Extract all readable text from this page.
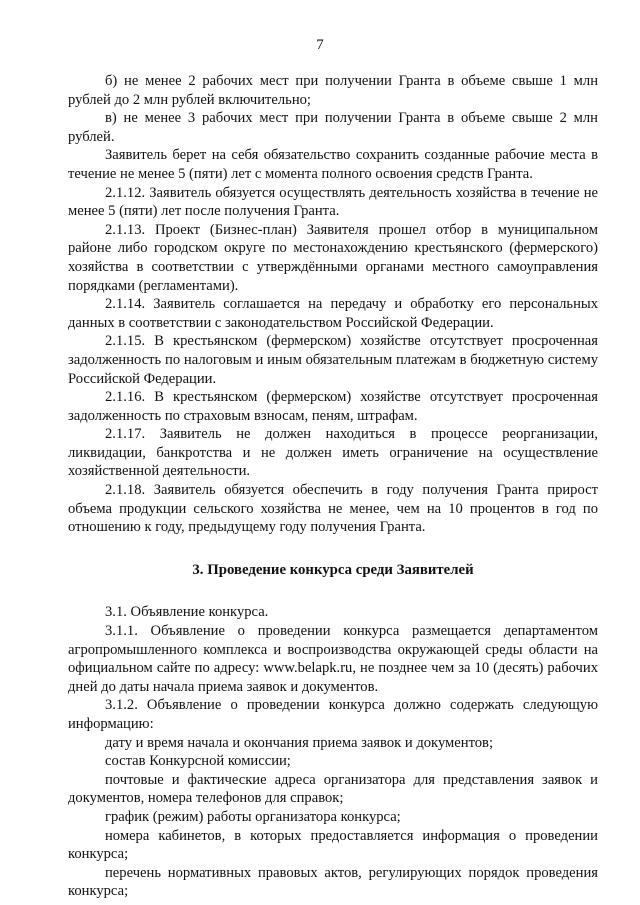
7

б) не менее 2 рабочих мест при получении Гранта в объеме свыше 1 млн рублей до 2 млн рублей включительно;

в) не менее 3 рабочих мест при получении Гранта в объеме свыше 2 млн рублей.

Заявитель берет на себя обязательство сохранить созданные рабочие места в течение не менее 5 (пяти) лет с момента полного освоения средств Гранта.

2.1.12. Заявитель обязуется осуществлять деятельность хозяйства в течение не менее 5 (пяти) лет после получения Гранта.

2.1.13. Проект (Бизнес-план) Заявителя прошел отбор в муниципальном районе либо городском округе по местонахождению крестьянского (фермерского) хозяйства в соответствии с утверждёнными органами местного самоуправления порядками (регламентами).

2.1.14. Заявитель соглашается на передачу и обработку его персональных данных в соответствии с законодательством Российской Федерации.

2.1.15. В крестьянском (фермерском) хозяйстве отсутствует просроченная задолженность по налоговым и иным обязательным платежам в бюджетную систему Российской Федерации.

2.1.16. В крестьянском (фермерском) хозяйстве отсутствует просроченная задолженность по страховым взносам, пеням, штрафам.

2.1.17. Заявитель не должен находиться в процессе реорганизации, ликвидации, банкротства и не должен иметь ограничение на осуществление хозяйственной деятельности.

2.1.18. Заявитель обязуется обеспечить в году получения Гранта прирост объема продукции сельского хозяйства не менее, чем на 10 процентов в год по отношению к году, предыдущему году получения Гранта.

3. Проведение конкурса среди Заявителей

3.1. Объявление конкурса.

3.1.1. Объявление о проведении конкурса размещается департаментом агропромышленного комплекса и воспроизводства окружающей среды области на официальном сайте по адресу: www.belapk.ru, не позднее чем за 10 (десять) рабочих дней до даты начала приема заявок и документов.

3.1.2. Объявление о проведении конкурса должно содержать следующую информацию:

дату и время начала и окончания приема заявок и документов;

состав Конкурсной комиссии;

почтовые и фактические адреса организатора для представления заявок и документов, номера телефонов для справок;

график (режим) работы организатора конкурса;

номера кабинетов, в которых предоставляется информация о проведении конкурса;

перечень нормативных правовых актов, регулирующих порядок проведения конкурса;
